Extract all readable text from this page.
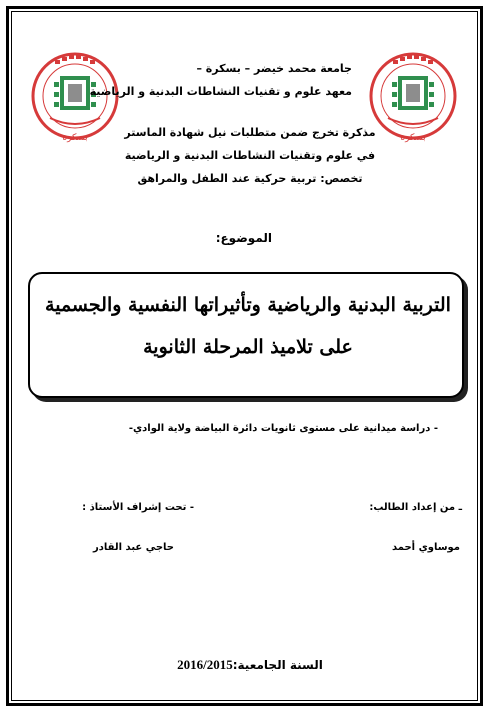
بسكرة	بسكرة
جامعة محمد خيضر – بسكرة –
معهد علوم و تقنيات النشاطات البدنية و الرياضية
مذكرة تخرج ضمن متطلبات نيل شهادة الماستر
في علوم وتقنيات النشاطات البدنية و الرياضية
تخصص: تربية حركية عند الطفل والمراهق
الموضوع:
التربية البدنية والرياضية وتأثيراتها النفسية والجسمية
على تلاميذ المرحلة الثانوية
- دراسة ميدانية على مستوى ثانويات دائرة البياضة ولاية الوادي-
ـ من إعداد الطالب:
- تحت إشراف الأستاذ :
موساوي أحمد
حاجي عبد القادر
السنة الجامعية:2016/2015
